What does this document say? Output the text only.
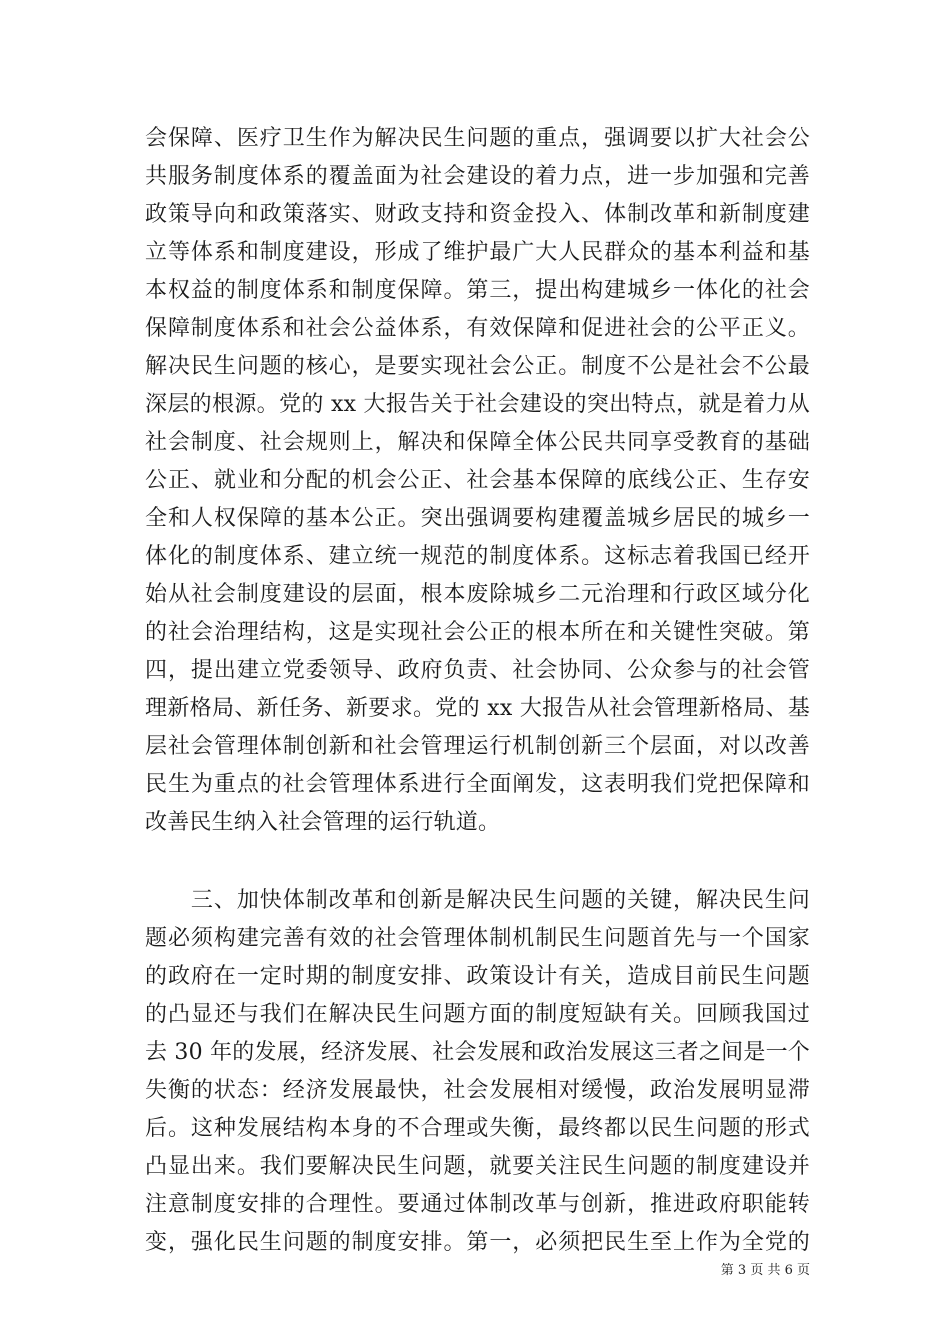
会保障、医疗卫生作为解决民生问题的重点，强调要以扩大社会公
共服务制度体系的覆盖面为社会建设的着力点，进一步加强和完善
政策导向和政策落实、财政支持和资金投入、体制改革和新制度建
立等体系和制度建设，形成了维护最广大人民群众的基本利益和基
本权益的制度体系和制度保障。第三，提出构建城乡一体化的社会
保障制度体系和社会公益体系，有效保障和促进社会的公平正义。
解决民生问题的核心，是要实现社会公正。制度不公是社会不公最
深层的根源。党的 xx 大报告关于社会建设的突出特点，就是着力从
社会制度、社会规则上，解决和保障全体公民共同享受教育的基础
公正、就业和分配的机会公正、社会基本保障的底线公正、生存安
全和人权保障的基本公正。突出强调要构建覆盖城乡居民的城乡一
体化的制度体系、建立统一规范的制度体系。这标志着我国已经开
始从社会制度建设的层面，根本废除城乡二元治理和行政区域分化
的社会治理结构，这是实现社会公正的根本所在和关键性突破。第
四，提出建立党委领导、政府负责、社会协同、公众参与的社会管
理新格局、新任务、新要求。党的 xx 大报告从社会管理新格局、基
层社会管理体制创新和社会管理运行机制创新三个层面，对以改善
民生为重点的社会管理体系进行全面阐发，这表明我们党把保障和
改善民生纳入社会管理的运行轨道。
　　三、加快体制改革和创新是解决民生问题的关键，解决民生问
题必须构建完善有效的社会管理体制机制民生问题首先与一个国家
的政府在一定时期的制度安排、政策设计有关，造成目前民生问题
的凸显还与我们在解决民生问题方面的制度短缺有关。回顾我国过
去 30 年的发展，经济发展、社会发展和政治发展这三者之间是一个
失衡的状态：经济发展最快，社会发展相对缓慢，政治发展明显滞
后。这种发展结构本身的不合理或失衡，最终都以民生问题的形式
凸显出来。我们要解决民生问题，就要关注民生问题的制度建设并
注意制度安排的合理性。要通过体制改革与创新，推进政府职能转
变，强化民生问题的制度安排。第一，必须把民生至上作为全党的
第 3 页 共 6 页
